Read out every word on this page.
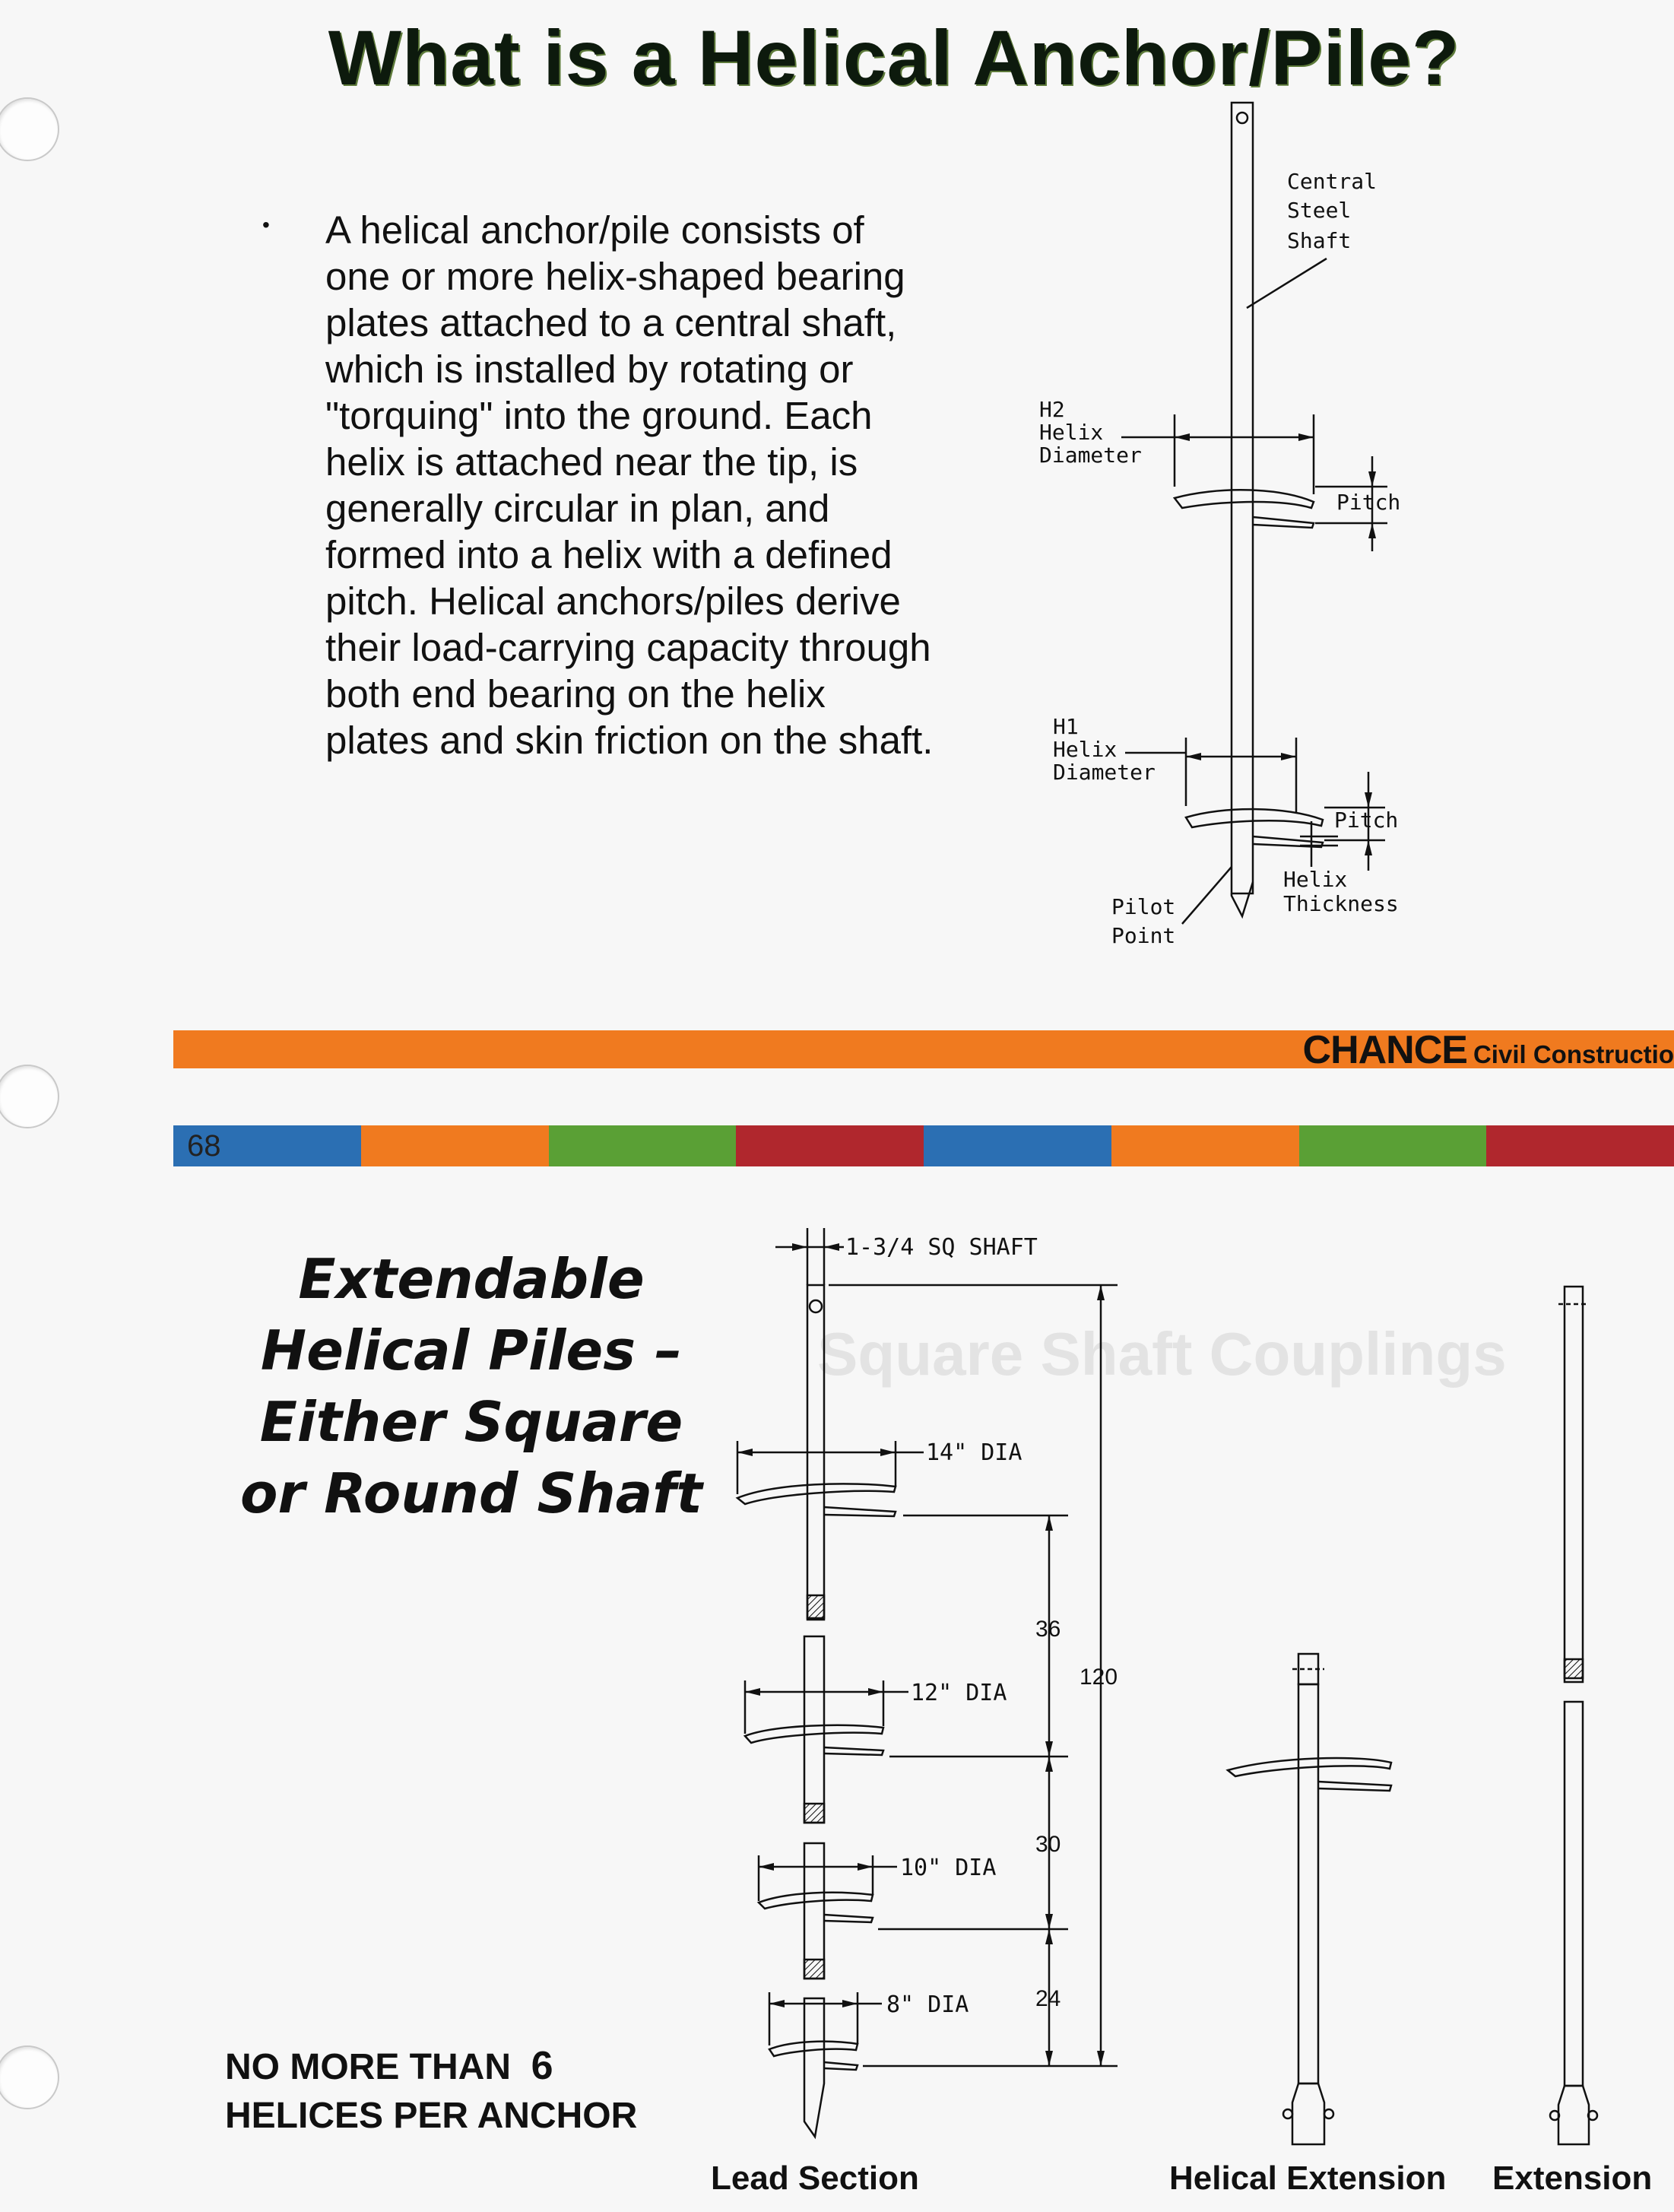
Square Shaft Couplings
What is a Helical Anchor/Pile?
• A helical anchor/pile consists of one or more helix-shaped bearing plates attached to a central shaft, which is installed by rotating or "torquing" into the ground. Each helix is attached near the tip, is generally circular in plan, and formed into a helix with a defined pitch. Helical anchors/piles derive their load-carrying capacity through both end bearing on the helix plates and skin friction on the shaft.

Central
Steel
Shaft
H2
Helix
Diameter
Pitch
H1
Helix
Diameter
Pitch
Helix
Thickness
Pilot
Point
1-3/4 SQ SHAFT
14" DIA
12" DIA
10" DIA
8" DIA
36
30
24
120
CHANCE Civil Constructio
68
Extendable
Helical Piles –
Either Square
or Round Shaft
NO MORE THAN 6
HELICES PER ANCHOR
Lead Section	Helical Extension Extension
